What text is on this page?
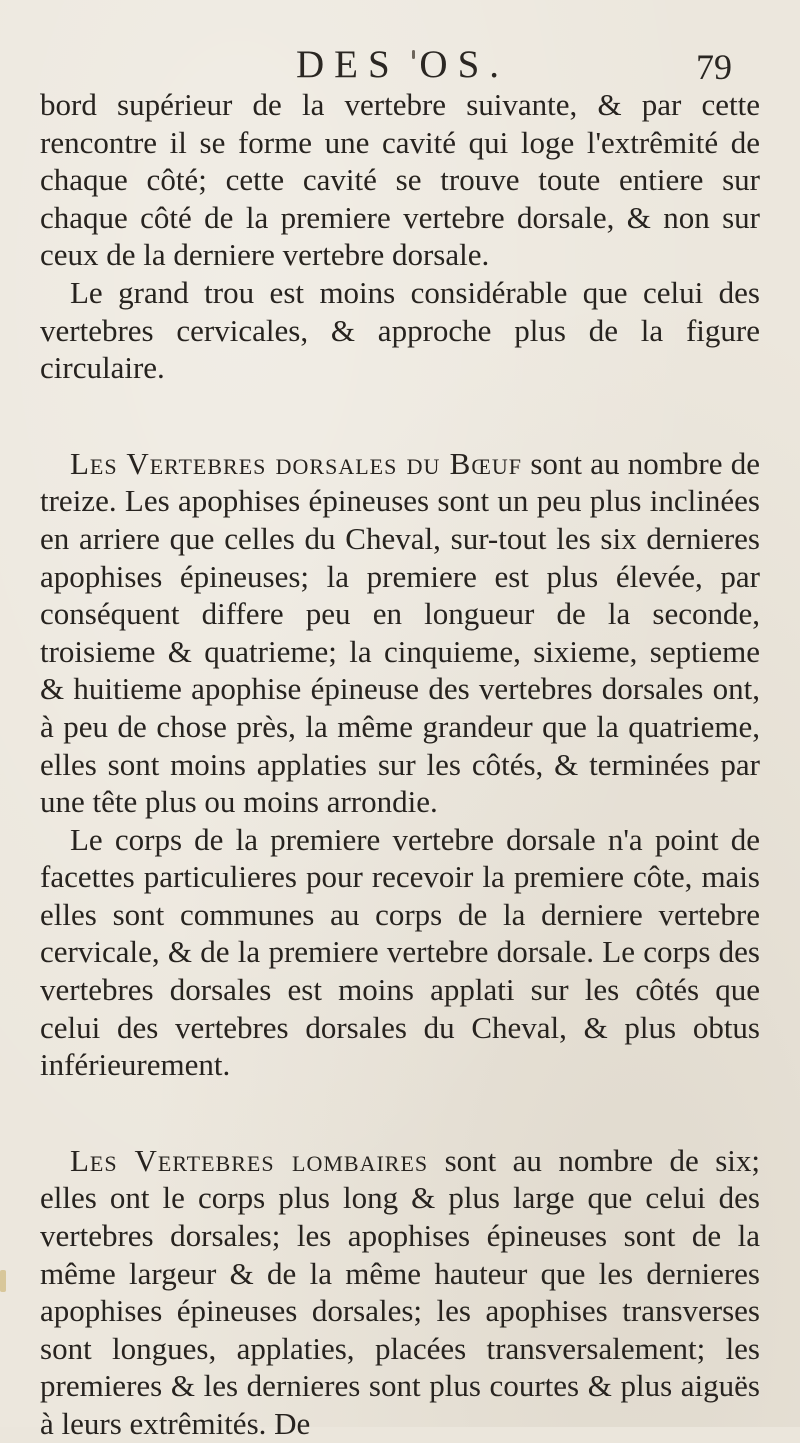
DES OS.	79

bord supérieur de la vertebre suivante, & par cette rencontre il se forme une cavité qui loge l'extrêmité de chaque côté; cette cavité se trouve toute entiere sur chaque côté de la premiere vertebre dorsale, & non sur ceux de la derniere vertebre dorsale.

Le grand trou est moins considérable que celui des vertebres cervicales, & approche plus de la figure circulaire.

Les Vertebres dorsales du Bœuf sont au nombre de treize. Les apophises épineuses sont un peu plus inclinées en arriere que celles du Cheval, sur-tout les six dernieres apophises épineuses; la premiere est plus élevée, par conséquent differe peu en longueur de la seconde, troisieme & quatrieme; la cinquieme, sixieme, septieme & huitieme apophise épineuse des vertebres dorsales ont, à peu de chose près, la même grandeur que la quatrieme, elles sont moins applaties sur les côtés, & terminées par une tête plus ou moins arrondie.

Le corps de la premiere vertebre dorsale n'a point de facettes particulieres pour recevoir la premiere côte, mais elles sont communes au corps de la derniere vertebre cervicale, & de la premiere vertebre dorsale. Le corps des vertebres dorsales est moins applati sur les côtés que celui des vertebres dorsales du Cheval, & plus obtus inférieurement.

Les Vertebres lombaires sont au nombre de six; elles ont le corps plus long & plus large que celui des vertebres dorsales; les apophises épineuses sont de la même largeur & de la même hauteur que les dernieres apophises épineuses dorsales; les apophises transverses sont longues, applaties, placées transversalement; les premieres & les dernieres sont plus courtes & plus aiguës à leurs extrêmités. De
